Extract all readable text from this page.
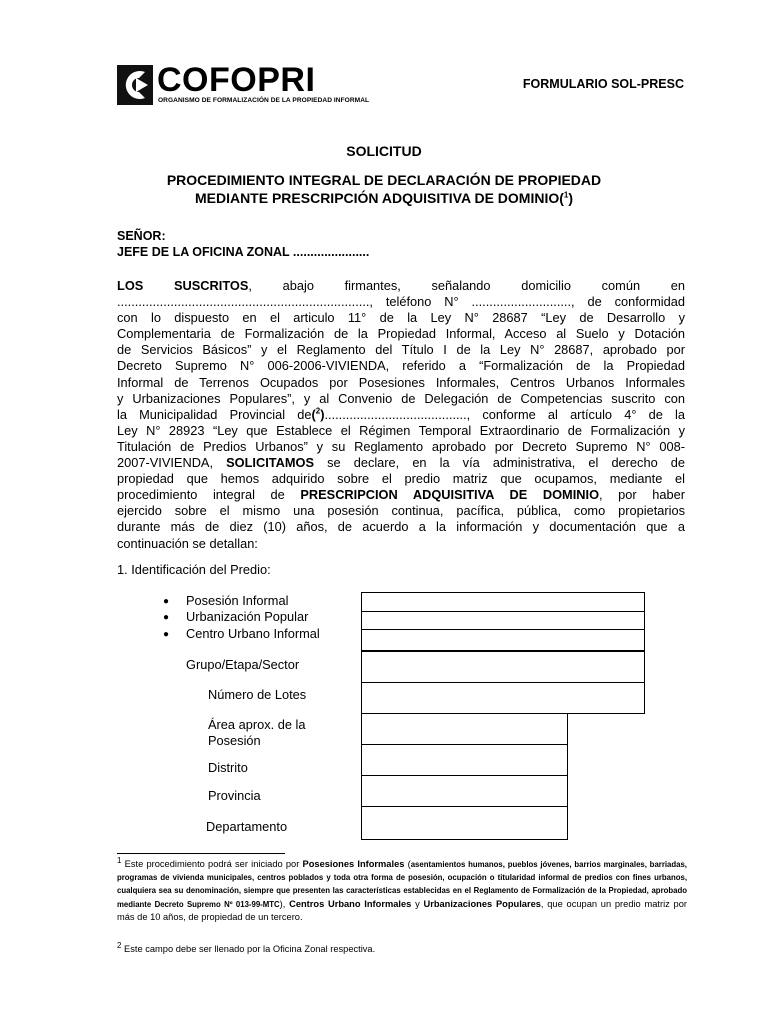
COFOPRI
ORGANISMO DE FORMALIZACIÓN DE LA PROPIEDAD INFORMAL
FORMULARIO SOL-PRESC
SOLICITUD
PROCEDIMIENTO INTEGRAL DE DECLARACIÓN DE PROPIEDAD
MEDIANTE PRESCRIPCIÓN ADQUISITIVA DE DOMINIO($^1$)
SEÑOR:
JEFE DE LA OFICINA ZONAL ......................
LOS SUSCRITOS, abajo firmantes, señalando domicilio común en
......................................................................., teléfono N° ............................, de conformidad
con lo dispuesto en el articulo 11° de la Ley N° 28687 “Ley de Desarrollo y
Complementaria de Formalización de la Propiedad Informal, Acceso al Suelo y Dotación
de Servicios Básicos” y el Reglamento del Título I de la Ley N° 28687, aprobado por
Decreto Supremo N° 006-2006-VIVIENDA, referido a “Formalización de la Propiedad
Informal de Terrenos Ocupados por Posesiones Informales, Centros Urbanos Informales
y Urbanizaciones Populares”, y al Convenio de Delegación de Competencias suscrito con
la Municipalidad Provincial de($^2$)........................................, conforme al artículo 4° de la
Ley N° 28923 “Ley que Establece el Régimen Temporal Extraordinario de Formalización y
Titulación de Predios Urbanos” y su Reglamento aprobado por Decreto Supremo N° 008-
2007-VIVIENDA, SOLICITAMOS se declare, en la vía administrativa, el derecho de
propiedad que hemos adquirido sobre el predio matriz que ocupamos, mediante el
procedimiento integral de PRESCRIPCION ADQUISITIVA DE DOMINIO, por haber
ejercido sobre el mismo una posesión continua, pacífica, pública, como propietarios
durante más de diez (10) años, de acuerdo a la información y documentación que a
continuación se detallan:
1. Identificación del Predio:
● Posesión Informal
● Urbanización Popular
● Centro Urbano Informal
Grupo/Etapa/Sector
Número de Lotes
Área aprox. de la
Posesión
Distrito
Provincia
Departamento
$^1$ Este procedimiento podrá ser iniciado por Posesiones Informales (asentamientos humanos, pueblos jóvenes, barrios marginales, barriadas, programas de vivienda municipales, centros poblados y toda otra forma de posesión, ocupación o titularidad informal de predios con fines urbanos, cualquiera sea su denominación, siempre que presenten las características establecidas en el Reglamento de Formalización de la Propiedad, aprobado mediante Decreto Supremo Nº 013-99-MTC), Centros Urbano Informales y Urbanizaciones Populares, que ocupan un predio matriz por más de 10 años, de propiedad de un tercero.
$^2$ Este campo debe ser llenado por la Oficina Zonal respectiva.
